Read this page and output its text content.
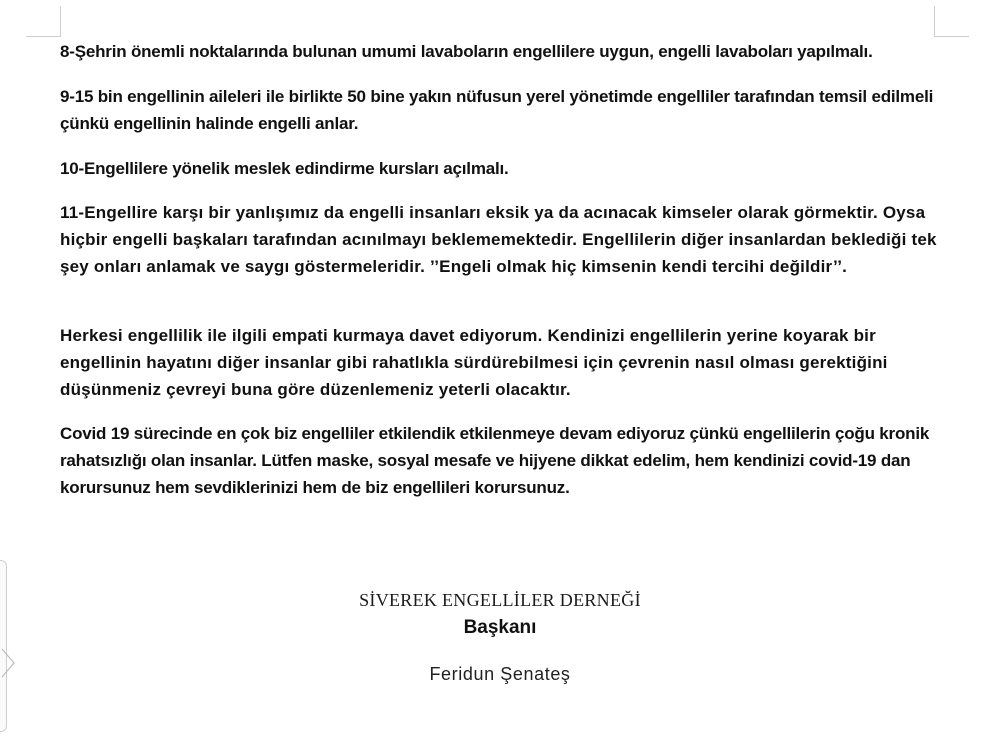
8-Şehrin önemli noktalarında bulunan umumi lavaboların engellilere uygun, engelli lavaboları yapılmalı.

9-15 bin engellinin aileleri ile birlikte 50 bine yakın nüfusun yerel yönetimde engelliler tarafından temsil edilmeli çünkü engellinin halinde engelli anlar.

10-Engellilere yönelik meslek edindirme kursları açılmalı.

11-Engellire karşı bir yanlışımız da engelli insanları eksik ya da acınacak kimseler olarak görmektir. Oysa hiçbir engelli başkaları tarafından acınılmayı beklememektedir. Engellilerin diğer insanlardan beklediği tek şey onları anlamak ve saygı göstermeleridir. ’’Engeli olmak hiç kimsenin kendi tercihi değildir’’.

Herkesi engellilik ile ilgili empati kurmaya davet ediyorum. Kendinizi engellilerin yerine koyarak bir engellinin hayatını diğer insanlar gibi rahatlıkla sürdürebilmesi için çevrenin nasıl olması gerektiğini düşünmeniz çevreyi buna göre düzenlemeniz yeterli olacaktır.

Covid 19 sürecinde en çok biz engelliler etkilendik etkilenmeye devam ediyoruz çünkü engellilerin çoğu kronik rahatsızlığı olan insanlar. Lütfen maske, sosyal mesafe ve hijyene dikkat edelim, hem kendinizi covid-19 dan korursunuz hem sevdiklerinizi hem de biz engellileri korursunuz.

SİVEREK ENGELLİLER DERNEĞİ
Başkanı
Feridun Şenateş
